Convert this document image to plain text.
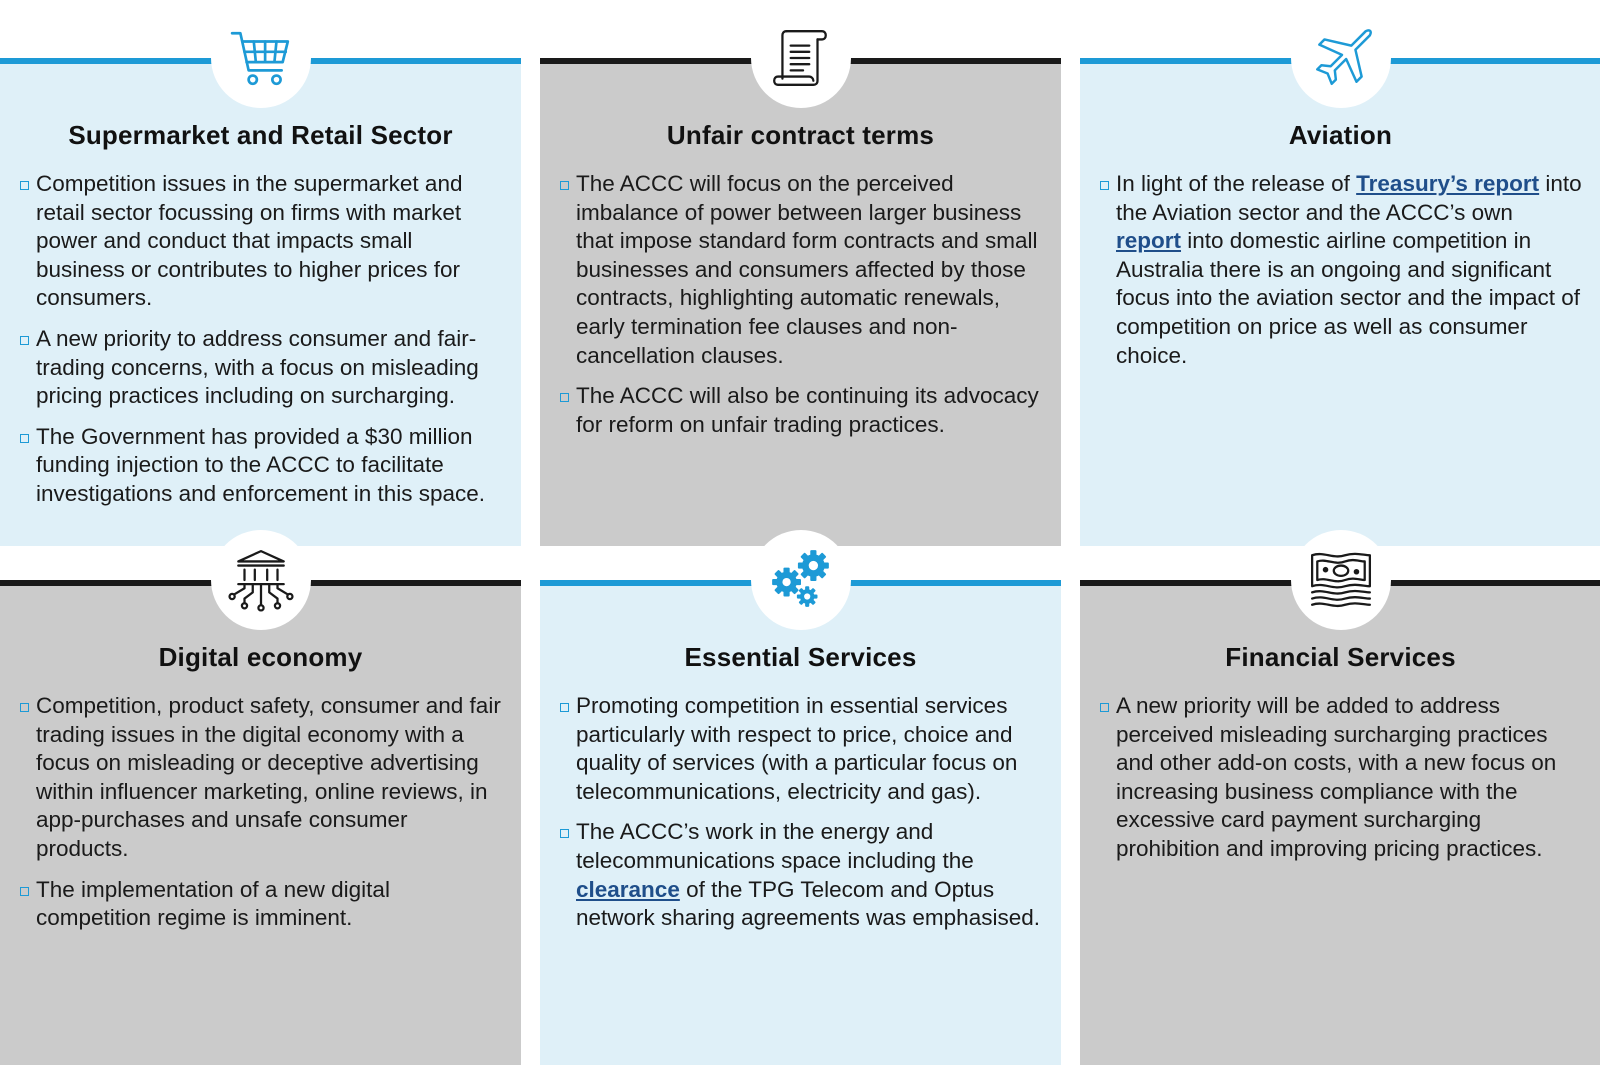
Supermarket and Retail Sector
Competition issues in the supermarket and retail sector focussing on firms with market power and conduct that impacts small business or contributes to higher prices for consumers.
A new priority to address consumer and fair-trading concerns, with a focus on misleading pricing practices including on surcharging.
The Government has provided a $30 million funding injection to the ACCC to facilitate investigations and enforcement in this space.
Unfair contract terms
The ACCC will focus on the perceived imbalance of power between larger business that impose standard form contracts and small businesses and consumers affected by those contracts, highlighting automatic renewals, early termination fee clauses and non-cancellation clauses.
The ACCC will also be continuing its advocacy for reform on unfair trading practices.
Aviation
In light of the release of Treasury’s report into the Aviation sector and the ACCC’s own report into domestic airline competition in Australia there is an ongoing and significant focus into the aviation sector and the impact of competition on price as well as consumer choice.
Digital economy
Competition, product safety, consumer and fair trading issues in the digital economy with a focus on misleading or deceptive advertising within influencer marketing, online reviews, in app-purchases and unsafe consumer products.
The implementation of a new digital competition regime is imminent.
Essential Services
Promoting competition in essential services particularly with respect to price, choice and quality of services (with a particular focus on telecommunications, electricity and gas).
The ACCC’s work in the energy and telecommunications space including the clearance of the TPG Telecom and Optus network sharing agreements was emphasised.
Financial Services
A new priority will be added to address perceived misleading surcharging practices and other add-on costs, with a new focus on increasing business compliance with the excessive card payment surcharging prohibition and improving pricing practices.
